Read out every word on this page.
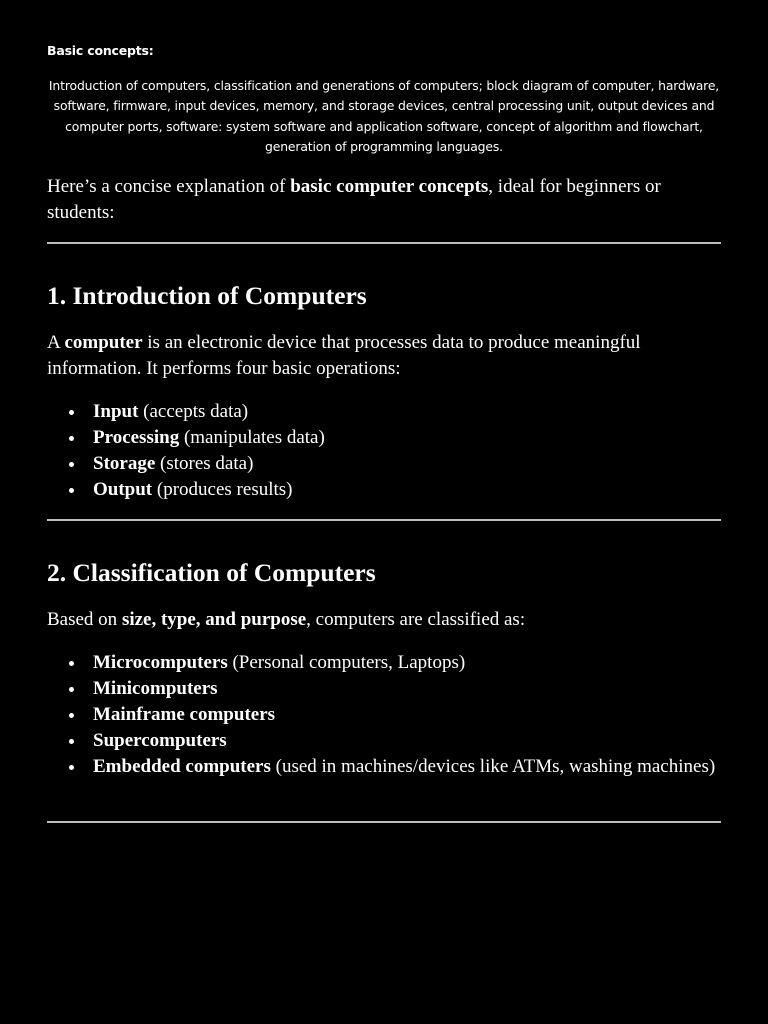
Basic concepts:
Introduction of computers, classification and generations of computers; block diagram of computer, hardware, software, firmware, input devices, memory, and storage devices, central processing unit, output devices and computer ports, software: system software and application software, concept of algorithm and flowchart, generation of programming languages.
Here’s a concise explanation of basic computer concepts, ideal for beginners or students:
1. Introduction of Computers
A computer is an electronic device that processes data to produce meaningful information. It performs four basic operations:
Input (accepts data)
Processing (manipulates data)
Storage (stores data)
Output (produces results)
2. Classification of Computers
Based on size, type, and purpose, computers are classified as:
Microcomputers (Personal computers, Laptops)
Minicomputers
Mainframe computers
Supercomputers
Embedded computers (used in machines/devices like ATMs, washing machines)
